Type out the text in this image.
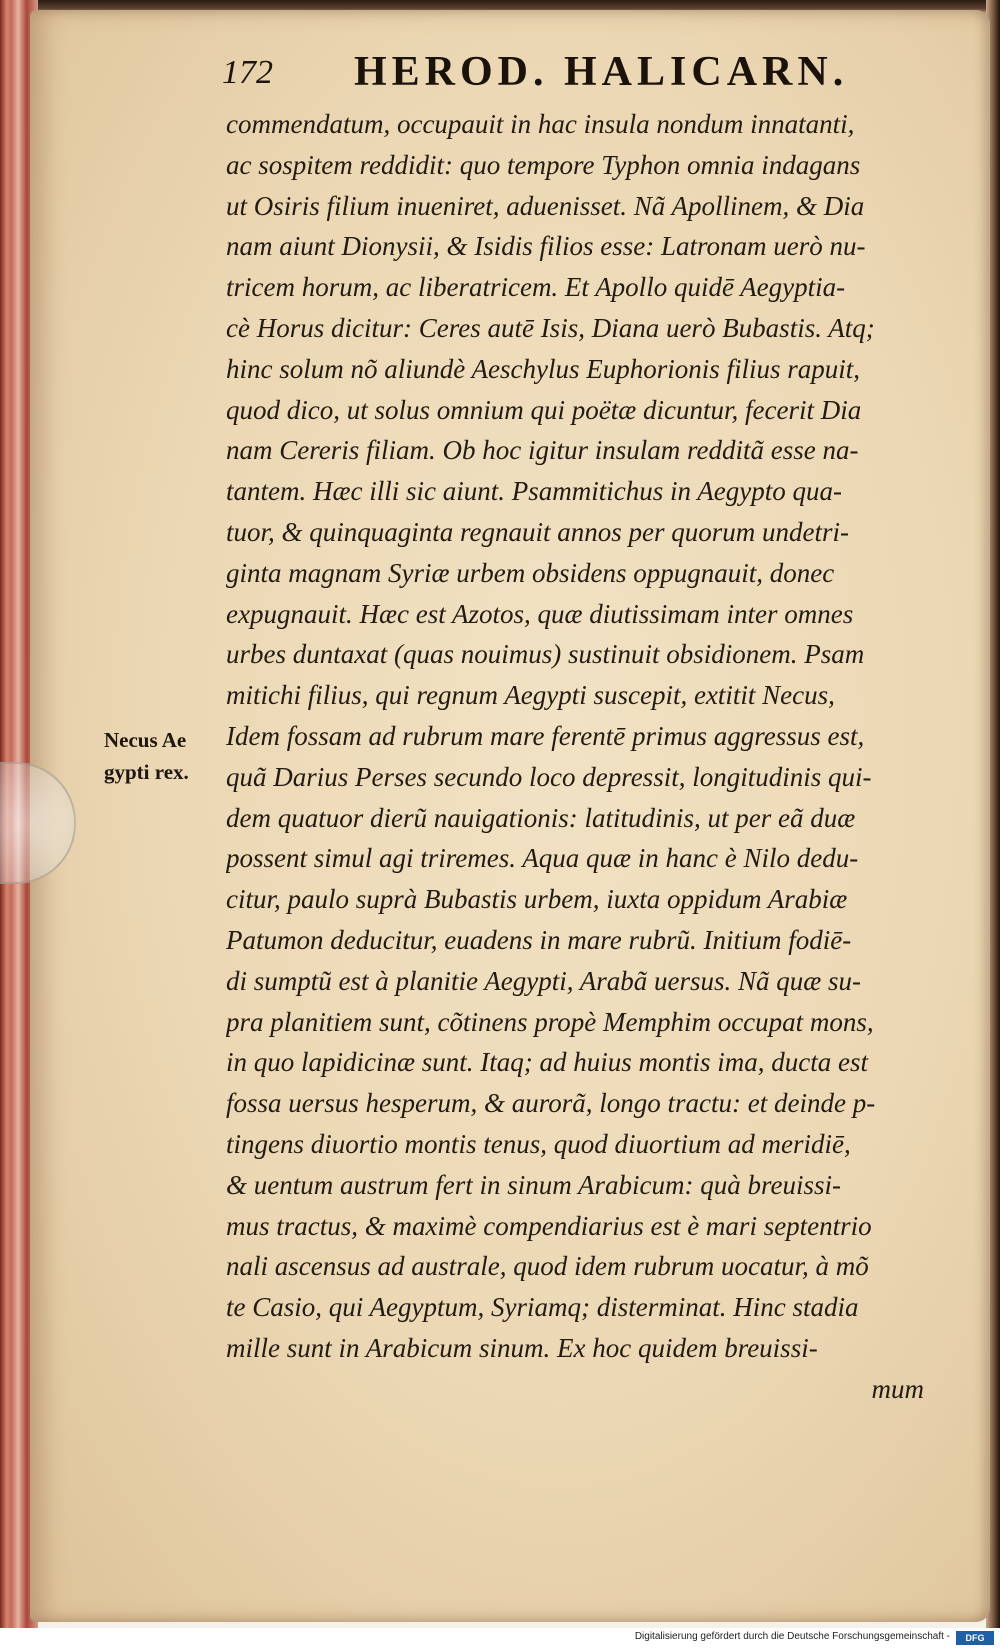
172 HEROD. HALICARN.
Necus Ae
gypti rex.
commendatum, occupauit in hac insula nondum innatanti,
ac sospitem reddidit: quo tempore Typhon omnia indagans
ut Osiris filium inueniret, aduenisset. Nã Apollinem, & Dia
nam aiunt Dionysii, & Isidis filios esse: Latronam uerò nu-
tricem horum, ac liberatricem. Et Apollo quidē Aegyptia-
cè Horus dicitur: Ceres autē Isis, Diana uerò Bubastis. Atq;
hinc solum nõ aliundè Aeschylus Euphorionis filius rapuit,
quod dico, ut solus omnium qui poëtæ dicuntur, fecerit Dia
nam Cereris filiam. Ob hoc igitur insulam redditã esse na-
tantem. Hæc illi sic aiunt. Psammitichus in Aegypto qua-
tuor, & quinquaginta regnauit annos per quorum undetri-
ginta magnam Syriæ urbem obsidens oppugnauit, donec
expugnauit. Hæc est Azotos, quæ diutissimam inter omnes
urbes duntaxat (quas nouimus) sustinuit obsidionem. Psam
mitichi filius, qui regnum Aegypti suscepit, extitit Necus,
Idem fossam ad rubrum mare ferentē primus aggressus est,
quã Darius Perses secundo loco depressit, longitudinis qui-
dem quatuor dierũ nauigationis: latitudinis, ut per eã duæ
possent simul agi triremes. Aqua quæ in hanc è Nilo dedu-
citur, paulo suprà Bubastis urbem, iuxta oppidum Arabiæ
Patumon deducitur, euadens in mare rubrũ. Initium fodiē-
di sumptũ est à planitie Aegypti, Arabã uersus. Nã quæ su-
pra planitiem sunt, cõtinens propè Memphim occupat mons,
in quo lapidicinæ sunt. Itaq; ad huius montis ima, ducta est
fossa uersus hesperum, & aurorã, longo tractu: et deinde p-
tingens diuortio montis tenus, quod diuortium ad meridiē,
& uentum austrum fert in sinum Arabicum: quà breuissi-
mus tractus, & maximè compendiarius est è mari septentrio
nali ascensus ad australe, quod idem rubrum uocatur, à mõ
te Casio, qui Aegyptum, Syriamq; disterminat. Hinc stadia
mille sunt in Arabicum sinum. Ex hoc quidem breuissi-
mum
Digitalisierung gefördert durch die Deutsche Forschungsgemeinschaft -	DFG
